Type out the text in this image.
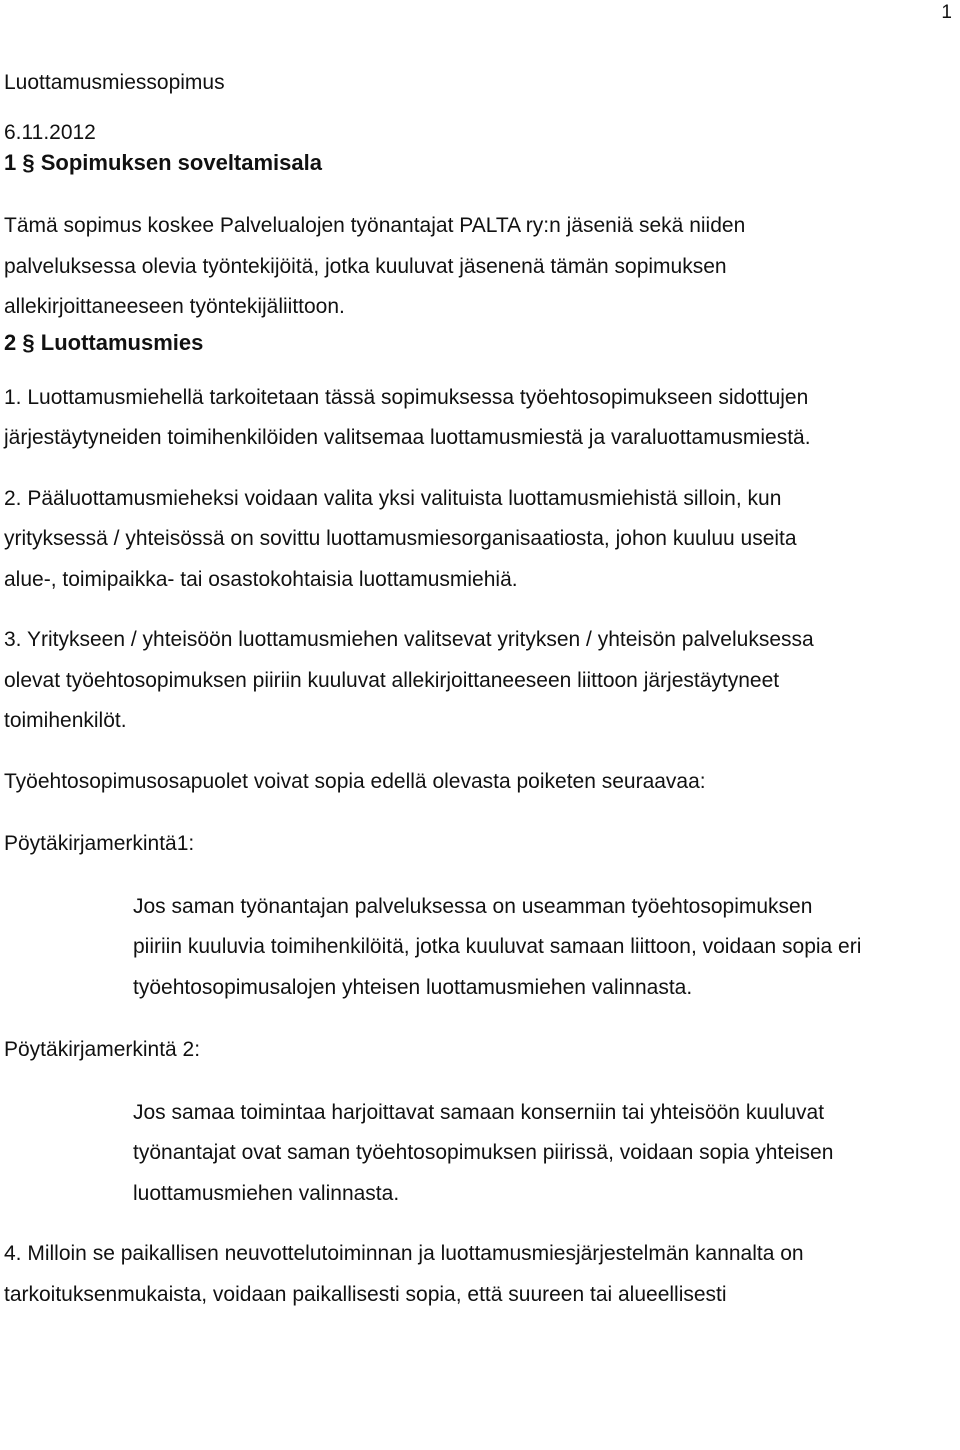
1

Luottamusmiessopimus

6.11.2012

1 § Sopimuksen soveltamisala

Tämä sopimus koskee Palvelualojen työnantajat PALTA ry:n jäseniä sekä niiden

palveluksessa olevia työntekijöitä, jotka kuuluvat jäsenenä tämän sopimuksen

allekirjoittaneeseen työntekijäliittoon.

2 § Luottamusmies

1. Luottamusmiehellä tarkoitetaan tässä sopimuksessa työehtosopimukseen sidottujen

järjestäytyneiden toimihenkilöiden valitsemaa luottamusmiestä ja varaluottamusmiestä.

2. Pääluottamusmieheksi voidaan valita yksi valituista luottamusmiehistä silloin, kun

yrityksessä / yhteisössä on sovittu luottamusmiesorganisaatiosta, johon kuuluu useita

alue-, toimipaikka- tai osastokohtaisia luottamusmiehiä.

3. Yritykseen / yhteisöön luottamusmiehen valitsevat yrityksen / yhteisön palveluksessa

olevat työehtosopimuksen piiriin kuuluvat allekirjoittaneeseen liittoon järjestäytyneet

toimihenkilöt.

Työehtosopimusosapuolet voivat sopia edellä olevasta poiketen seuraavaa:

Pöytäkirjamerkintä1:

Jos saman työnantajan palveluksessa on useamman työehtosopimuksen

piiriin kuuluvia toimihenkilöitä, jotka kuuluvat samaan liittoon, voidaan sopia eri

työehtosopimusalojen yhteisen luottamusmiehen valinnasta.

Pöytäkirjamerkintä 2:

Jos samaa toimintaa harjoittavat samaan konserniin tai yhteisöön kuuluvat

työnantajat ovat saman työehtosopimuksen piirissä, voidaan sopia yhteisen

luottamusmiehen valinnasta.

4. Milloin se paikallisen neuvottelutoiminnan ja luottamusmiesjärjestelmän kannalta on

tarkoituksenmukaista, voidaan paikallisesti sopia, että suureen tai alueellisesti
